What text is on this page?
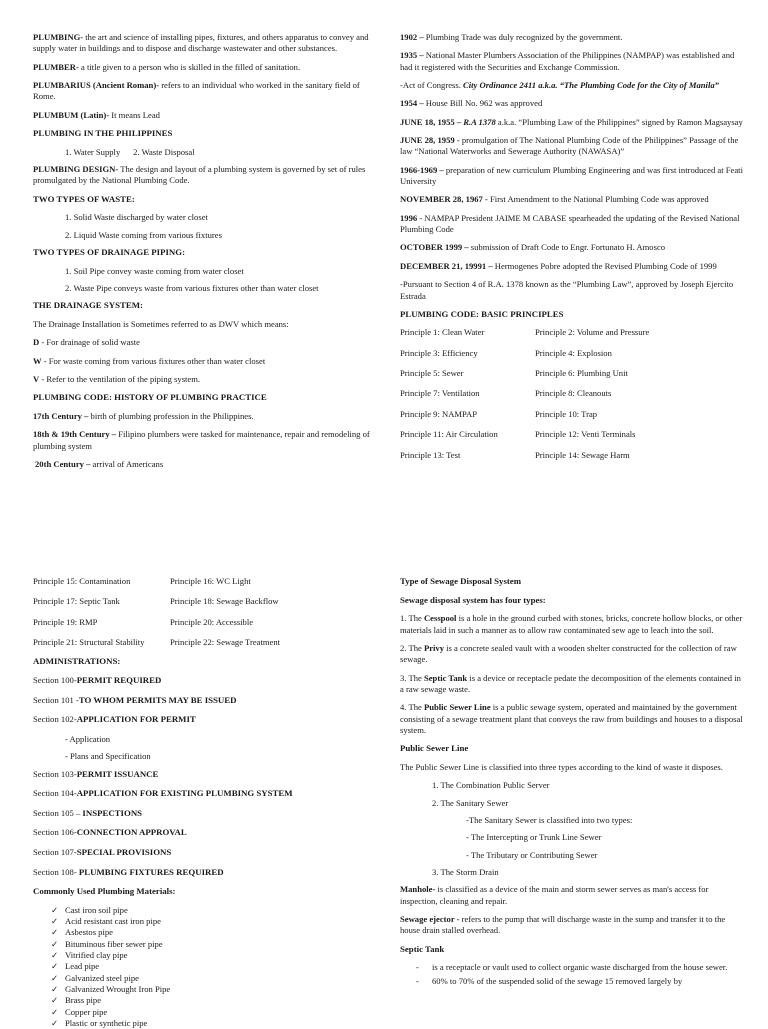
PLUMBING- the art and science of installing pipes, fixtures, and others apparatus to convey and supply water in buildings and to dispose and discharge wastewater and other substances.
PLUMBER- a title given to a person who is skilled in the filled of sanitation.
PLUMBARIUS (Ancient Roman)- refers to an individual who worked in the sanitary field of Rome.
PLUMBUM (Latin)- It means Lead
PLUMBING IN THE PHILIPPINES
1. Water Supply      2. Waste Disposal
PLUMBING DESIGN- The design and layout of a plumbing system is governed by set of rules promulgated by the National Plumbing Code.
TWO TYPES OF WASTE:
1. Solid Waste discharged by water closet
2. Liquid Waste coming from various fixtures
TWO TYPES OF DRAINAGE PIPING:
1. Soil Pipe convey waste coming from water closet
2. Waste Pipe conveys waste from various fixtures other than water closet
THE DRAINAGE SYSTEM:
The Drainage Installation is Sometimes referred to as DWV which means:
D - For drainage of solid waste
W - For waste coming from various fixtures other than water closet
V - Refer to the ventilation of the piping system.
PLUMBING CODE: HISTORY OF PLUMBING PRACTICE
17th Century – birth of plumbing profession in the Philippines.
18th & 19th Century – Filipino plumbers were tasked for maintenance, repair and remodeling of plumbing system
20th Century – arrival of Americans
1902 – Plumbing Trade was duly recognized by the government.
1935 – National Master Plumbers Association of the Philippines (NAMPAP) was established and had it registered with the Securities and Exchange Commission.
-Act of Congress. City Ordinance 2411 a.k.a. “The Plumbing Code for the City of Manila”
1954 – House Bill No. 962 was approved
JUNE 18, 1955 – R.A 1378 a.k.a. “Plumbing Law of the Philippines” signed by Ramon Magsaysay
JUNE 28, 1959 - promulgation of The National Plumbing Code of the Philippines” Passage of the law “National Waterworks and Sewerage Authority (NAWASA)”
1966-1969 – preparation of new curriculum Plumbing Engineering and was first introduced at Feati University
NOVEMBER 28, 1967 - First Amendment to the National Plumbing Code was approved
1996 - NAMPAP President JAIME M CABASE spearheaded the updating of the Revised National Plumbing Code
OCTOBER 1999 – submission of Draft Code to Engr. Fortunato H. Amosco
DECEMBER 21, 19991 – Hermogenes Pobre adopted the Revised Plumbing Code of 1999
-Pursuant to Section 4 of R.A. 1378 known as the “Plumbing Law”, approved by Joseph Ejercito Estrada
PLUMBING CODE: BASIC PRINCIPLES
Principle 1: Clean Water	Principle 2: Volume and Pressure
Principle 3: Efficiency	Principle 4: Explosion
Principle 5: Sewer	Principle 6: Plumbing Unit
Principle 7: Ventilation	Principle 8: Cleanouts
Principle 9: NAMPAP	Principle 10: Trap
Principle 11: Air Circulation	Principle 12: Venti Terminals
Principle 13: Test	Principle 14: Sewage Harm
Principle 15: Contamination	Principle 16: WC Light
Principle 17: Septic Tank	Principle 18: Sewage Backflow
Principle 19: RMP	Principle 20: Accessible
Principle 21: Structural Stability	Principle 22: Sewage Treatment
ADMINISTRATIONS:
Section 100-PERMIT REQUIRED
Section 101 -TO WHOM PERMITS MAY BE ISSUED
Section 102-APPLICATION FOR PERMIT
- Application
- Plans and Specification
Section 103-PERMIT ISSUANCE
Section 104-APPLICATION FOR EXISTING PLUMBING SYSTEM
Section 105 – INSPECTIONS
Section 106-CONNECTION APPROVAL
Section 107-SPECIAL PROVISIONS
Section 108- PLUMBING FIXTURES REQUIRED
Commonly Used Plumbing Materials:
✓ Cast iron soil pipe
✓ Acid resistant cast iron pipe
✓ Asbestos pipe
✓ Bituminous fiber sewer pipe
✓ Vitrified clay pipe
✓ Lead pipe
✓ Galvanized steel pipe
✓ Galvanized Wrought Iron Pipe
✓ Brass pipe
✓ Copper pipe
✓ Plastic or synthetic pipe
Type of Sewage Disposal System
Sewage disposal system has four types:
1. The Cesspool is a hole in the ground curbed with stones, bricks, concrete hollow blocks, or other materials laid in such a manner as to allow raw contaminated sew age to leach into the soil.
2. The Privy is a concrete sealed vault with a wooden shelter constructed for the collection of raw sewage.
3. The Septic Tank is a device or receptacle pedate the decomposition of the elements contained in a raw sewage waste.
4. The Public Sewer Line is a public sewage system, operated and maintained by the government consisting of a sewage treatment plant that conveys the raw from buildings and houses to a disposal system.
Public Sewer Line
The Public Sewer Line is classified into three types according to the kind of waste it disposes.
1. The Combination Public Server
2. The Sanitary Sewer
-The Sanitary Sewer is classified into two types:
- The Intercepting or Trunk Line Sewer
- The Tributary or Contributing Sewer
3. The Storm Drain
Manhole- is classified as a device of the main and storm sewer serves as man's access for inspection, cleaning and repair.
Sewage ejector - refers to the pump that will discharge waste in the sump and transfer it to the house drain stalled overhead.
Septic Tank
-	is a receptacle or vault used to collect organic waste discharged from the house sewer.
-	60% to 70% of the suspended solid of the sewage 15 removed largely by
